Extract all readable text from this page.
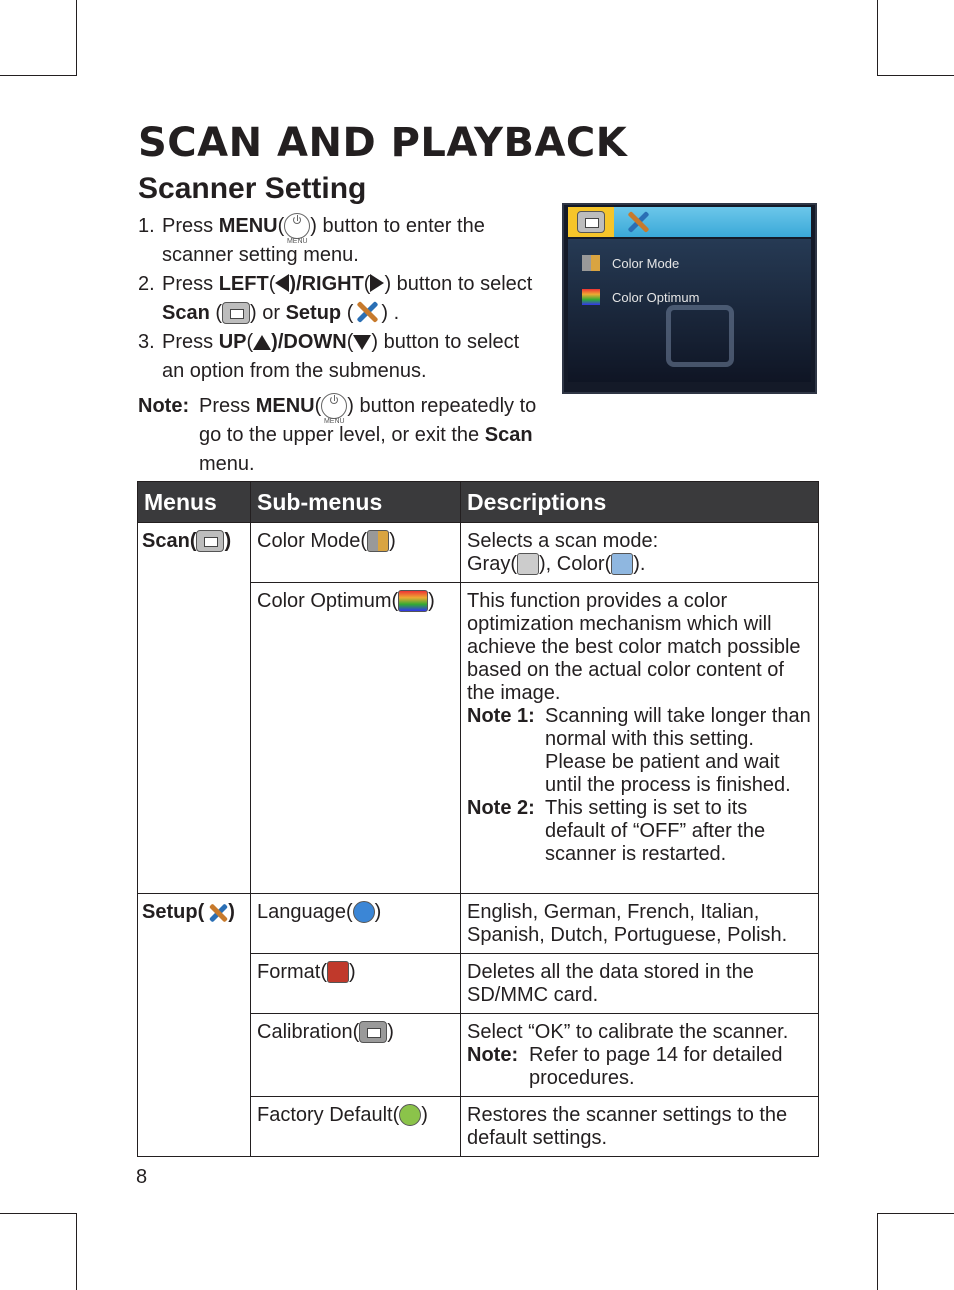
SCAN AND PLAYBACK
Scanner Setting
1. Press MENU(
MENU
) button to enter the scanner setting menu.
2. Press LEFT( )/RIGHT( ) button to select Scan ( ) or Setup ( ) .
3. Press UP( )/DOWN( ) button to select an option from the submenus.
Note: Press MENU(
MENU
) button repeatedly to go to the upper level, or exit the Scan menu.
Color Mode
Color Optimum
Menus	Sub-menus	Descriptions
Scan( )	Color Mode( )	Selects a scan mode:
Gray( ), Color( ).

	Color Optimum( )	This function provides a color optimization mechanism which will achieve the best color match possible based on the actual color content of the image.
Note 1: Scanning will take longer than normal with this setting. Please be patient and wait until the process is finished.
Note 2: This setting is set to its default of “OFF” after the scanner is restarted.

Setup( )	Language( )	English, German, French, Italian, Spanish, Dutch, Portuguese, Polish.
	Format( )	Deletes all the data stored in the SD/MMC card.
	Calibration( )	Select “OK” to calibrate the scanner.
Note: Refer to page 14 for detailed procedures.

	Factory Default( )	Restores the scanner settings to the default settings.
8
